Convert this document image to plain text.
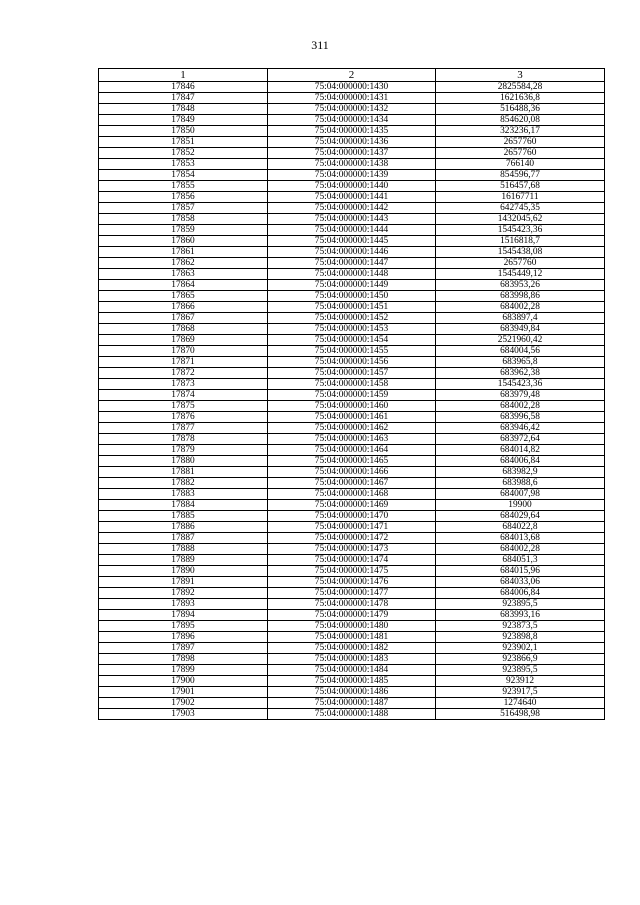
311
1	2	3
17846	75:04:000000:1430	2825584,28
17847	75:04:000000:1431	1621636,8
17848	75:04:000000:1432	516488,36
17849	75:04:000000:1434	854620,08
17850	75:04:000000:1435	323236,17
17851	75:04:000000:1436	2657760
17852	75:04:000000:1437	2657760
17853	75:04:000000:1438	766140
17854	75:04:000000:1439	854596,77
17855	75:04:000000:1440	516457,68
17856	75:04:000000:1441	16167711
17857	75:04:000000:1442	642745,35
17858	75:04:000000:1443	1432045,62
17859	75:04:000000:1444	1545423,36
17860	75:04:000000:1445	1516818,7
17861	75:04:000000:1446	1545438,08
17862	75:04:000000:1447	2657760
17863	75:04:000000:1448	1545449,12
17864	75:04:000000:1449	683953,26
17865	75:04:000000:1450	683998,86
17866	75:04:000000:1451	684002,28
17867	75:04:000000:1452	683897,4
17868	75:04:000000:1453	683949,84
17869	75:04:000000:1454	2521960,42
17870	75:04:000000:1455	684004,56
17871	75:04:000000:1456	683965,8
17872	75:04:000000:1457	683962,38
17873	75:04:000000:1458	1545423,36
17874	75:04:000000:1459	683979,48
17875	75:04:000000:1460	684002,28
17876	75:04:000000:1461	683996,58
17877	75:04:000000:1462	683946,42
17878	75:04:000000:1463	683972,64
17879	75:04:000000:1464	684014,82
17880	75:04:000000:1465	684006,84
17881	75:04:000000:1466	683982,9
17882	75:04:000000:1467	683988,6
17883	75:04:000000:1468	684007,98
17884	75:04:000000:1469	19900
17885	75:04:000000:1470	684029,64
17886	75:04:000000:1471	684022,8
17887	75:04:000000:1472	684013,68
17888	75:04:000000:1473	684002,28
17889	75:04:000000:1474	684051,3
17890	75:04:000000:1475	684015,96
17891	75:04:000000:1476	684033,06
17892	75:04:000000:1477	684006,84
17893	75:04:000000:1478	923895,5
17894	75:04:000000:1479	683993,16
17895	75:04:000000:1480	923873,5
17896	75:04:000000:1481	923898,8
17897	75:04:000000:1482	923902,1
17898	75:04:000000:1483	923866,9
17899	75:04:000000:1484	923895,5
17900	75:04:000000:1485	923912
17901	75:04:000000:1486	923917,5
17902	75:04:000000:1487	1274640
17903	75:04:000000:1488	516498,98
